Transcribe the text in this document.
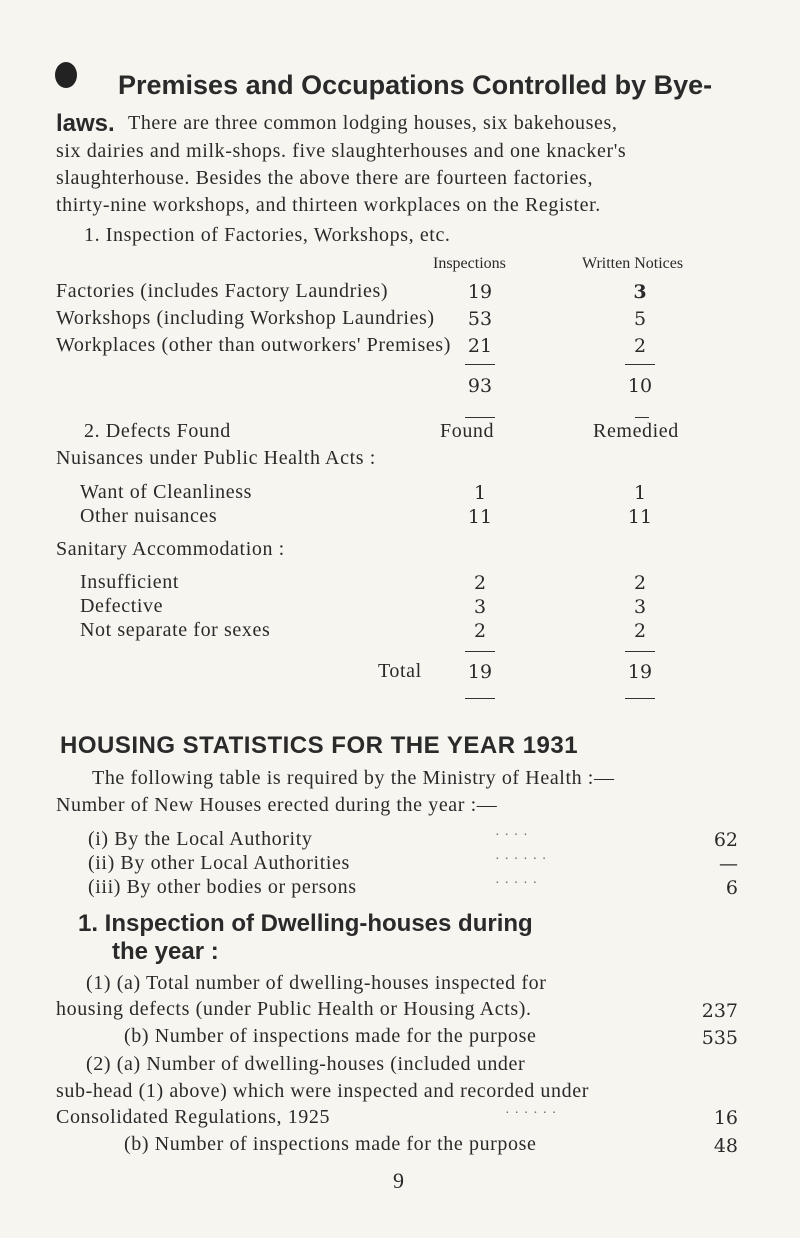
Premises and Occupations Controlled by Bye-
laws. There are three common lodging houses, six bakehouses,
six dairies and milk-shops. five slaughterhouses and one knacker's
slaughterhouse. Besides the above there are fourteen factories,
thirty-nine workshops, and thirteen workplaces on the Register.
1. Inspection of Factories, Workshops, etc.
Inspections	Written Notices
Factories (includes Factory Laundries)	19	3
Workshops (including Workshop Laundries)	53	5
Workplaces (other than outworkers' Premises) 21	2
93	10
2. Defects Found	Found	Remedied
Nuisances under Public Health Acts :
Want of Cleanliness	1	1
Other nuisances	11	11
Sanitary Accommodation :
Insufficient	2	2
Defective	3	3
Not separate for sexes	2	2
Total	19	19
HOUSING STATISTICS FOR THE YEAR 1931
The following table is required by the Ministry of Health :—
Number of New Houses erected during the year :—
(i) By the Local Authority	· · · ·	62
(ii) By other Local Authorities	· · · · · ·	—
(iii) By other bodies or persons	· · · · ·	6
1. Inspection of Dwelling-houses during
the year :
(1) (a) Total number of dwelling-houses inspected for
housing defects (under Public Health or Housing Acts).	237
(b) Number of inspections made for the purpose	535
(2) (a) Number of dwelling-houses (included under
sub-head (1) above) which were inspected and recorded under
Consolidated Regulations, 1925	· · · · · ·	16
(b) Number of inspections made for the purpose	48
9
